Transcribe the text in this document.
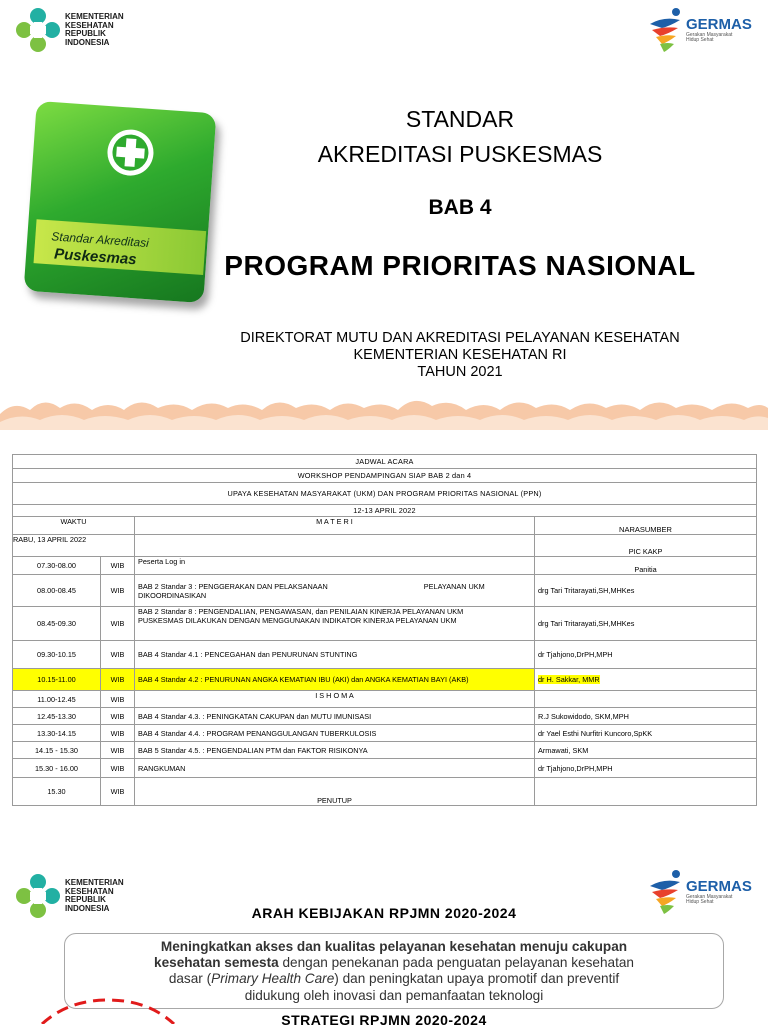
KEMENTERIAN
KESEHATAN
REPUBLIK
INDONESIA
GERMAS
Gerakan Masyarakat
Hidup Sehat
Standar Akreditasi
Puskesmas
STANDAR
AKREDITASI PUSKESMAS
BAB 4
PROGRAM PRIORITAS NASIONAL
DIREKTORAT MUTU DAN AKREDITASI PELAYANAN KESEHATAN
KEMENTERIAN KESEHATAN RI
TAHUN 2021
JADWAL ACARA			
WORKSHOP PENDAMPINGAN SIAP BAB 2 dan 4			
UPAYA KESEHATAN MASYARAKAT (UKM) DAN PROGRAM PRIORITAS NASIONAL (PPN)			
12-13 APRIL 2022			
WAKTU		M A T E R I	NARASUMBER
RABU, 13 APRIL 2022			PIC KAKP
07.30-08.00	WIB	Peserta Log in	Panitia
08.00-08.45	WIB	BAB 2 Standar 3 : PENGGERAKAN DAN PELAKSANAAN PELAYANAN UKM
DIKOORDINASIKAN	drg Tari Tritarayati,SH,MHKes
08.45-09.30	WIB	BAB 2 Standar 8 : PENGENDALIAN, PENGAWASAN, dan PENILAIAN KINERJA PELAYANAN UKM
PUSKESMAS DILAKUKAN DENGAN MENGGUNAKAN INDIKATOR KINERJA PELAYANAN UKM	drg Tari Tritarayati,SH,MHKes
09.30-10.15	WIB	BAB 4 Standar 4.1 : PENCEGAHAN dan PENURUNAN STUNTING	dr Tjahjono,DrPH,MPH
10.15-11.00	WIB	BAB 4 Standar 4.2 : PENURUNAN ANGKA KEMATIAN IBU (AKI) dan ANGKA KEMATIAN BAYI (AKB)	dr H. Sakkar, MMR
11.00-12.45	WIB	I S H O M A	
12.45-13.30	WIB	BAB 4 Standar 4.3. : PENINGKATAN CAKUPAN dan MUTU IMUNISASI	R.J Sukowidodo, SKM,MPH
13.30-14.15	WIB	BAB 4 Standar 4.4. : PROGRAM PENANGGULANGAN TUBERKULOSIS	dr Yael Esthi Nurfitri Kuncoro,SpKK
14.15 - 15.30	WIB	BAB 5 Standar 4.5. : PENGENDALIAN PTM dan FAKTOR RISIKONYA	Armawati, SKM
15.30 - 16.00	WIB	RANGKUMAN	dr Tjahjono,DrPH,MPH
15.30	WIB	PENUTUP	
KEMENTERIAN
KESEHATAN
REPUBLIK
INDONESIA
GERMAS
Gerakan Masyarakat
Hidup Sehat
ARAH KEBIJAKAN RPJMN 2020-2024
Meningkatkan akses dan kualitas pelayanan kesehatan menuju cakupan
kesehatan semesta dengan penekanan pada penguatan pelayanan kesehatan
dasar (Primary Health Care) dan peningkatan upaya promotif dan preventif
didukung oleh inovasi dan pemanfaatan teknologi
STRATEGI RPJMN 2020-2024
